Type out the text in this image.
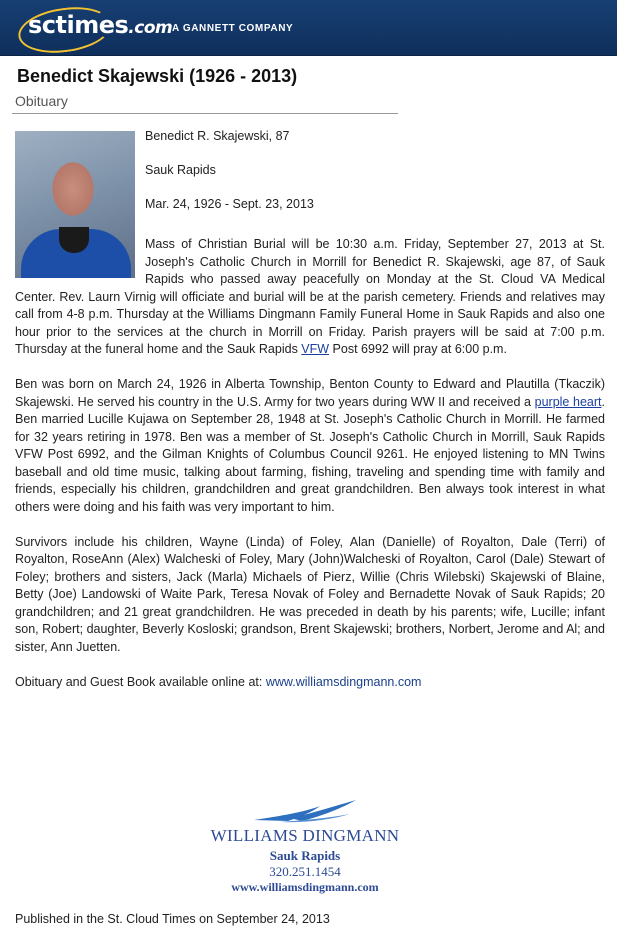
sctimes.com A GANNETT COMPANY
Benedict Skajewski (1926 - 2013)
Obituary

Benedict R. Skajewski, 87

Sauk Rapids

Mar. 24, 1926 - Sept. 23, 2013

Mass of Christian Burial will be 10:30 a.m. Friday, September 27, 2013 at St. Joseph's Catholic Church in Morrill for Benedict R. Skajewski, age 87, of Sauk Rapids who passed away peacefully on Monday at the St. Cloud VA Medical Center. Rev. Laurn Virnig will officiate and burial will be at the parish cemetery. Friends and relatives may call from 4-8 p.m. Thursday at the Williams Dingmann Family Funeral Home in Sauk Rapids and also one hour prior to the services at the church in Morrill on Friday. Parish prayers will be said at 7:00 p.m. Thursday at the funeral home and the Sauk Rapids VFW Post 6992 will pray at 6:00 p.m.

Ben was born on March 24, 1926 in Alberta Township, Benton County to Edward and Plautilla (Tkaczik) Skajewski. He served his country in the U.S. Army for two years during WW II and received a purple heart. Ben married Lucille Kujawa on September 28, 1948 at St. Joseph's Catholic Church in Morrill. He farmed for 32 years retiring in 1978. Ben was a member of St. Joseph's Catholic Church in Morrill, Sauk Rapids VFW Post 6992, and the Gilman Knights of Columbus Council 9261. He enjoyed listening to MN Twins baseball and old time music, talking about farming, fishing, traveling and spending time with family and friends, especially his children, grandchildren and great grandchildren. Ben always took interest in what others were doing and his faith was very important to him.

Survivors include his children, Wayne (Linda) of Foley, Alan (Danielle) of Royalton, Dale (Terri) of Royalton, RoseAnn (Alex) Walcheski of Foley, Mary (John)Walcheski of Royalton, Carol (Dale) Stewart of Foley; brothers and sisters, Jack (Marla) Michaels of Pierz, Willie (Chris Wilebski) Skajewski of Blaine, Betty (Joe) Landowski of Waite Park, Teresa Novak of Foley and Bernadette Novak of Sauk Rapids; 20 grandchildren; and 21 great grandchildren. He was preceded in death by his parents; wife, Lucille; infant son, Robert; daughter, Beverly Kosloski; grandson, Brent Skajewski; brothers, Norbert, Jerome and Al; and sister, Ann Juetten.

Obituary and Guest Book available online at: www.williamsdingmann.com

WILLIAMS DINGMANN
Sauk Rapids
320.251.1454
www.williamsdingmann.com
Published in the St. Cloud Times on September 24, 2013
